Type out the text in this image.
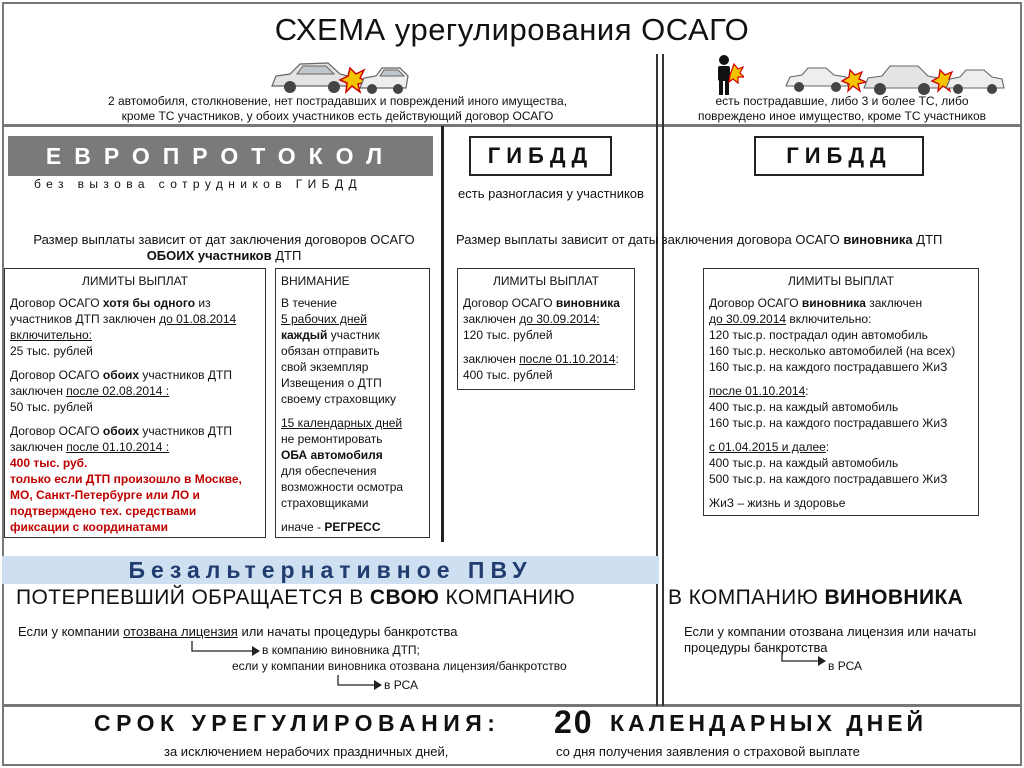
СХЕМА урегулирования ОСАГО
2 автомобиля, столкновение, нет пострадавших и повреждений иного имущества,
кроме ТС участников, у обоих участников есть действующий договор ОСАГО
есть пострадавшие, либо 3 и более ТС, либо
повреждено иное имущество, кроме ТС участников
ЕВРОПРОТОКОЛ
без вызова сотрудников ГИБДД
ГИБДД
есть разногласия у участников
ГИБДД
Размер выплаты зависит от дат заключения договоров ОСАГО
ОБОИХ участников ДТП
Размер выплаты зависит от даты заключения договора ОСАГО виновника ДТП
ЛИМИТЫ ВЫПЛАТ

Договор ОСАГО хотя бы одного из
участников ДТП заключен до 01.08.2014
включительно:
25 тыс. рублей

Договор ОСАГО обоих участников ДТП
заключен после 02.08.2014 :
50 тыс. рублей

Договор ОСАГО обоих участников ДТП
заключен после 01.10.2014 :
400 тыс. руб.
только если ДТП произошло в Москве,
МО, Санкт-Петербурге или ЛО и
подтверждено тех. средствами
фиксации с координатами

ВНИМАНИЕ

В течение
5 рабочих дней
каждый участник
обязан отправить
свой экземпляр
Извещения о ДТП
своему страховщику

15 календарных дней
не ремонтировать
ОБА автомобиля
для обеспечения
возможности осмотра
страховщиками

иначе - РЕГРЕСС

ЛИМИТЫ ВЫПЛАТ

Договор ОСАГО виновника
заключен до 30.09.2014:
120 тыс. рублей

заключен после 01.10.2014:
400 тыс. рублей

ЛИМИТЫ ВЫПЛАТ

Договор ОСАГО виновника заключен
до 30.09.2014 включительно:
120 тыс.р. пострадал один автомобиль
160 тыс.р. несколько автомобилей (на всех)
160 тыс.р. на каждого пострадавшего ЖиЗ

после 01.10.2014:
400 тыс.р. на каждый автомобиль
160 тыс.р. на каждого пострадавшего ЖиЗ

с 01.04.2015 и далее:
400 тыс.р. на каждый автомобиль
500 тыс.р. на каждого пострадавшего ЖиЗ

ЖиЗ – жизнь и здоровье

Безальтернативное ПВУ
ПОТЕРПЕВШИЙ ОБРАЩАЕТСЯ В СВОЮ КОМПАНИЮ	В КОМПАНИЮ ВИНОВНИКА
Если у компании отозвана лицензия или начаты процедуры банкротства
в компанию виновника ДТП;
если у компании виновника отозвана лицензия/банкротство
в РСА
Если у компании отозвана лицензия или начаты
процедуры банкротства
в РСА
СРОК УРЕГУЛИРОВАНИЯ: 20 КАЛЕНДАРНЫХ ДНЕЙ
за исключением нерабочих праздничных дней,	со дня получения заявления о страховой выплате
